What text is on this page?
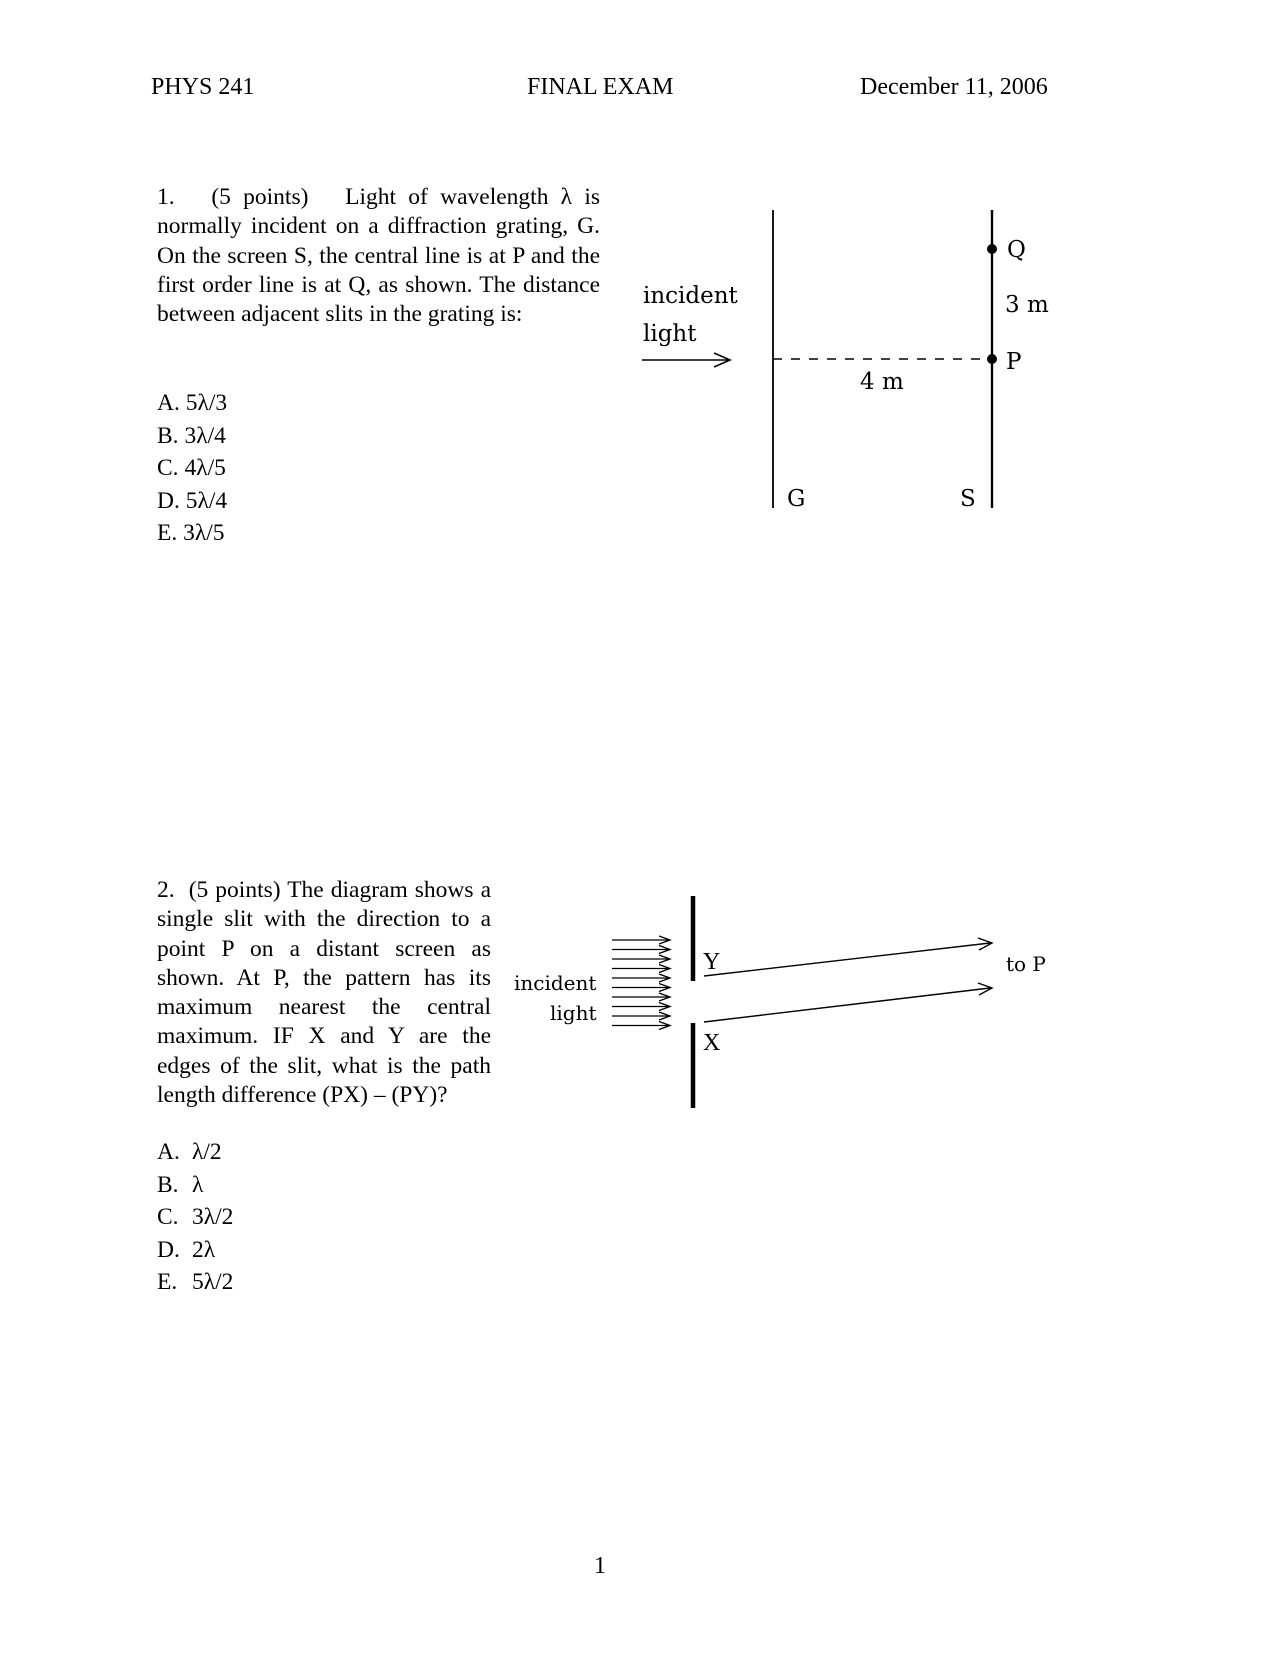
PHYS 241	FINAL EXAM	December 11, 2006
1. (5 points) Light of wavelength λ is normally incident on a diffraction grating, G. On the screen S, the central line is at P and the first order line is at Q, as shown. The distance between adjacent slits in the grating is:
A. 5λ/3
B. 3λ/4
C. 4λ/5
D. 5λ/4
E. 3λ/5
incident
light
Q
3 m
P
4 m
G	S
2. (5 points) The diagram shows a single slit with the direction to a point P on a distant screen as shown. At P, the pattern has its maximum nearest the central maximum. IF X and Y are the edges of the slit, what is the path length difference (PX) – (PY)?
A. λ/2
B. λ
C. 3λ/2
D. 2λ
E. 5λ/2
incident
light
Y
X
to P
1
